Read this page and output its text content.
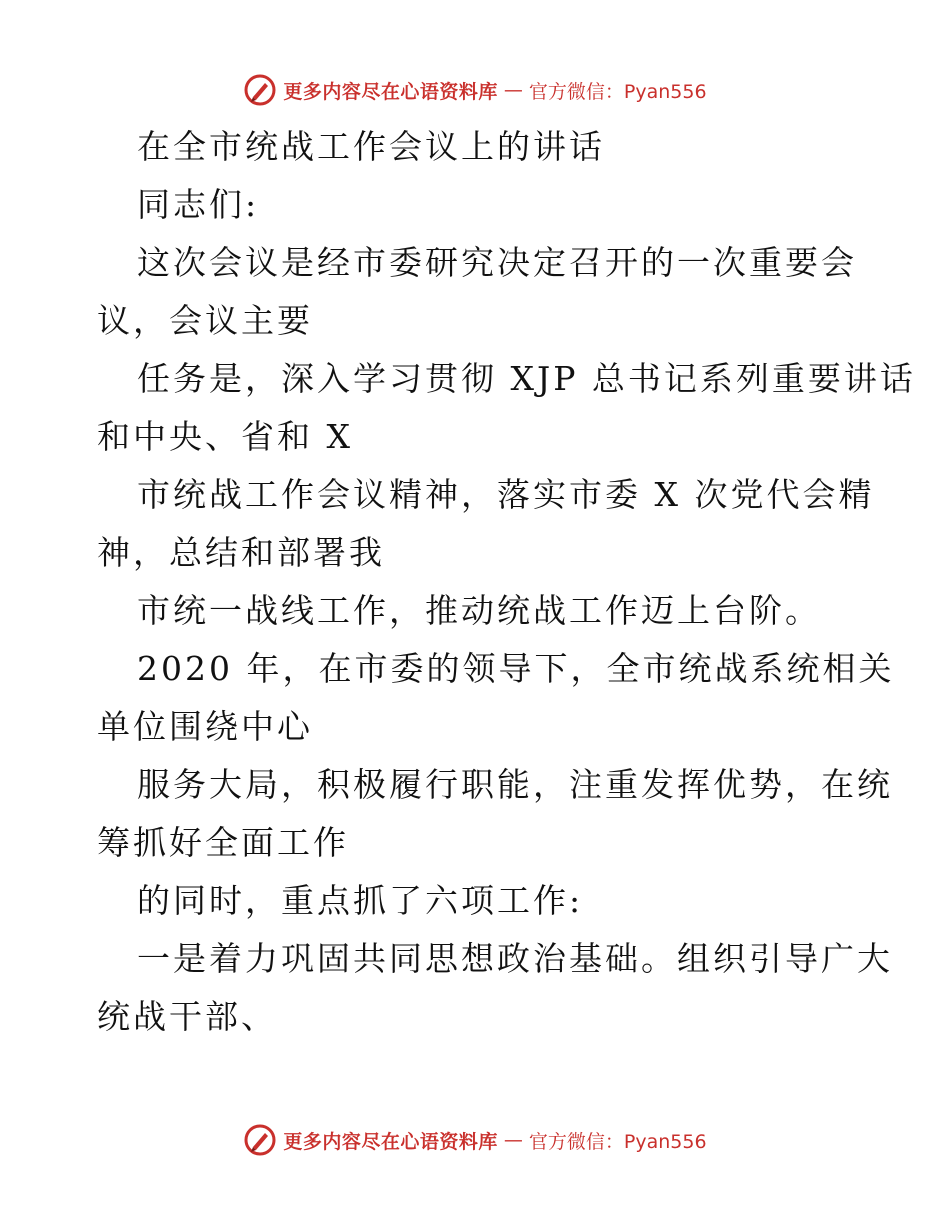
更多内容尽在心语资料库 — 官方微信：Pyan556
在全市统战工作会议上的讲话
同志们:
这次会议是经市委研究决定召开的一次重要会
议，会议主要
任务是，深入学习贯彻 XJP 总书记系列重要讲话
和中央、省和 X
市统战工作会议精神，落实市委 X 次党代会精
神，总结和部署我
市统一战线工作，推动统战工作迈上台阶。
2020 年，在市委的领导下，全市统战系统相关
单位围绕中心
服务大局，积极履行职能，注重发挥优势，在统
筹抓好全面工作
的同时，重点抓了六项工作:
一是着力巩固共同思想政治基础。组织引导广大
统战干部、
更多内容尽在心语资料库 — 官方微信：Pyan556
